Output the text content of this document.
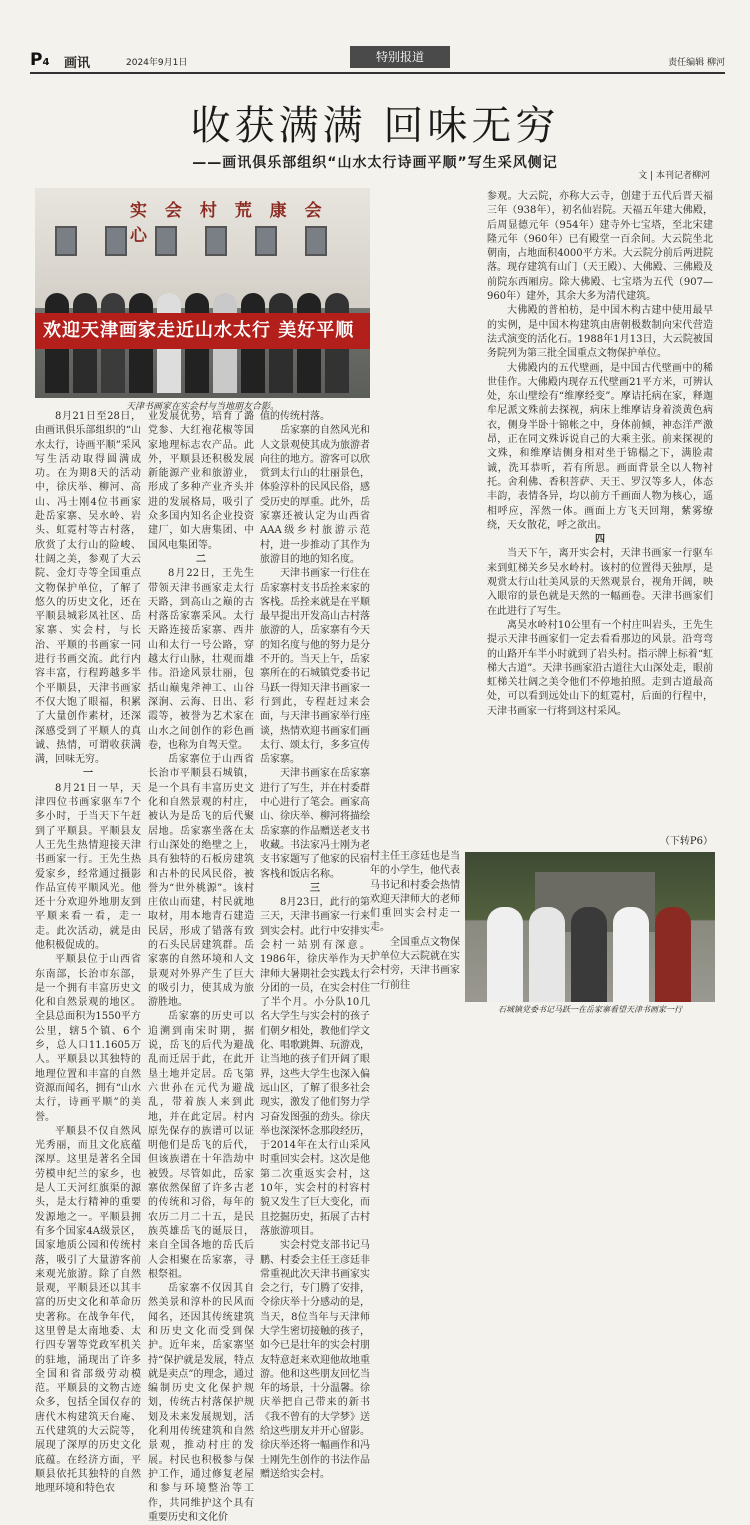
P4 画讯	2024年9月1日	特别报道	责任编辑 柳河
收获满满 回味无穷
——画讯俱乐部组织“山水太行诗画平顺”写生采风侧记
文 | 本刊记者柳河
实 会 村 荒 康 会 心
欢迎天津画家走近山水太行 美好平顺
天津书画家在实会村与当地朋友合影。

8月21日至28日，由画讯俱乐部组织的“山水太行，诗画平顺”采风写生活动取得圆满成功。在为期8天的活动中，徐庆举、柳河、高山、冯士刚4位书画家赴岳家寨、吴水岭、岩头、虹霓村等古村落，欣赏了太行山的险峻、壮阔之美，参观了大云院、金灯寺等全国重点文物保护单位，了解了悠久的历史文化，还在平顺县城彩凤社区、岳家寨、实会村，与长治、平顺的书画家一同进行书画交流。此行内容丰富，行程跨越多半个平顺县，天津书画家不仅大饱了眼福，积累了大量创作素材，还深深感受到了平顺人的真诚、热情，可谓收获满满，回味无穷。

一

8月21日一早，天津四位书画家驱车7个多小时，于当天下午赶到了平顺县。平顺县友人王先生热情迎接天津书画家一行。王先生热爱家乡，经常通过摄影作品宣传平顺风光。他还十分欢迎外地朋友到平顺来看一看，走一走。此次活动，就是由他积极促成的。

平顺县位于山西省东南部，长治市东部，是一个拥有丰富历史文化和自然景观的地区。全县总面积为1550平方公里，辖5个镇、6个乡，总人口11.1605万人。平顺县以其独特的地理位置和丰富的自然资源而闻名，拥有“山水太行，诗画平顺”的美誉。

平顺县不仅自然风光秀丽，而且文化底蕴深厚。这里是著名全国劳模申纪兰的家乡，也是人工天河红旗渠的源头，是太行精神的重要发源地之一。平顺县拥有多个国家4A级景区，国家地质公园和传统村落，吸引了大量游客前来观光旅游。除了自然景观，平顺县还以其丰富的历史文化和革命历史著称。在战争年代，这里曾是太南地委、太行四专署等党政军机关的驻地，涌现出了许多全国和省部级劳动模范。平顺县的文物古迹众多，包括全国仅存的唐代木构建筑天台庵、五代建筑的大云院等，展现了深厚的历史文化底蕴。在经济方面，平顺县依托其独特的自然地理环境和特色农

业发展优势，培育了潞党参、大红袍花椒等国家地理标志农产品。此外，平顺县还积极发展新能源产业和旅游业，形成了多种产业齐头并进的发展格局，吸引了众多国内知名企业投资建厂，如大唐集团、中国风电集团等。

二

8月22日，王先生带领天津书画家走太行天路，到高山之巅的古村落岳家寨采风。太行天路连接岳家寨、西井山和太行一号公路，穿越太行山脉，壮观而雄伟。沿途风景壮丽，包括山巅鬼斧神工、山谷深涧、云海、日出、彩霞等，被誉为艺术家在山水之间创作的彩色画卷，也称为自驾天堂。

岳家寨位于山西省长治市平顺县石城镇，是一个具有丰富历史文化和自然景观的村庄，被认为是岳飞的后代聚居地。岳家寨坐落在太行山深处的绝壁之上，具有独特的石板房建筑和古朴的民风民俗，被誉为“世外桃源”。该村庄依山而建，村民就地取材，用本地青石建造民居，形成了错落有致的石头民居建筑群。岳家寨的自然环境和人文景观对外界产生了巨大的吸引力，使其成为旅游胜地。

岳家寨的历史可以追溯到南宋时期，据说，岳飞的后代为避战乱而迁居于此，在此开垦土地并定居。岳飞第六世孙在元代为避战乱，带着族人来到此地，并在此定居。村内原先保存的族谱可以证明他们是岳飞的后代，但该族谱在十年浩劫中被毁。尽管如此，岳家寨依然保留了许多古老的传统和习俗，每年的农历二月二十五，是民族英雄岳飞的诞辰日，来自全国各地的岳氏后人会相聚在岳家寨，寻根祭祖。

岳家寨不仅因其自然美景和淳朴的民风而闻名，还因其传统建筑和历史文化而受到保护。近年来，岳家寨坚持“保护就是发展，特点就是卖点”的理念，通过编制历史文化保护规划，传统古村落保护规划及未来发展规划，活化利用传统建筑和自然景观，推动村庄的发展。村民也积极参与保护工作，通过修复老屋和参与环境整治等工作，共同维护这个具有重要历史和文化价

值的传统村落。

岳家寨的自然风光和人文景观使其成为旅游者向往的地方。游客可以欣赏到太行山的壮丽景色，体验淳朴的民风民俗，感受历史的厚重。此外，岳家寨还被认定为山西省AAA级乡村旅游示范村，进一步推动了其作为旅游目的地的知名度。

天津书画家一行住在岳家寨村支书岳拴来家的客栈。岳拴来就是在平顺最早提出开发高山古村落旅游的人，岳家寨有今天的知名度与他的努力是分不开的。当天上午，岳家寨所在的石城镇党委书记马跃一得知天津书画家一行到此，专程赶过来会面，与天津书画家举行座谈，热情欢迎书画家们画太行、颂太行，多多宣传岳家寨。

天津书画家在岳家寨进行了写生，并在村委群中心进行了笔会。画家高山、徐庆举、柳河将描绘岳家寨的作品赠送老支书收藏。书法家冯士刚为老支书家题写了他家的民宿客栈和饭店名称。

三

8月23日，此行的第三天，天津书画家一行来到实会村。此行中安排实会村一站别有深意。1986年，徐庆举作为天津师大暑期社会实践太行分团的一员，在实会村住了半个月。小分队10几名大学生与实会村的孩子们朝夕相处，教他们学文化、唱歌跳舞、玩游戏，让当地的孩子们开阔了眼界，这些大学生也深入偏远山区，了解了很多社会现实，激发了他们努力学习奋发图强的劲头。徐庆举也深深怀念那段经历，于2014年在太行山采风时重回实会村。这次是他第二次重返实会村，这10年，实会村的村容村貌又发生了巨大变化，而且挖掘历史，拓展了古村落旅游项目。

实会村党支部书记马鹏、村委会主任王彦廷非常重视此次天津书画家实会之行，专门腾了安排，令徐庆举十分感动的是，当天，8位当年与天津师大学生密切接触的孩子，如今已是壮年的实会村朋友特意赶来欢迎他故地重游。他和这些朋友回忆当年的场景，十分温馨。徐庆举把自己带来的新书《我不曾有的大学梦》送给这些朋友并开心留影。徐庆举还将一幅画作和冯士刚先生创作的书法作品赠送给实会村。

参观。大云院，亦称大云寺，创建于五代后晋天福三年（938年），初名仙岩院。天福五年建大佛殿，后周显德元年（954年）建寺外七宝塔，至北宋建隆元年（960年）已有殿堂一百余间。大云院坐北朝南，占地面积4000平方米。大云院分前后两进院落。现存建筑有山门（天王殿）、大佛殿、三佛殿及前院东西厢房。除大佛殿、七宝塔为五代（907—960年）建外，其余大多为清代建筑。

大佛殿的普柏枋，是中国木构古建中使用最早的实例，是中国木构建筑由唐朝极数制向宋代营造法式演变的活化石。1988年1月13日，大云院被国务院列为第三批全国重点文物保护单位。

大佛殿内的五代壁画，是中国古代壁画中的稀世佳作。大佛殿内现存五代壁画21平方米，可辨认处，东山壁绘有“维摩经变”。摩诘托病在家，释迦牟尼派文殊前去探视，病床上维摩诘身着淡黄色病衣，侧身半卧十锦帐之中，身体前倾，神态洋严激昂，正在同文殊诉说自己的大乘主张。前来探视的文殊，和维摩诘侧身相对坐于锦榻之下，满脸肃诚，洗耳恭听，若有所思。画面背景全以人物衬托。舍利佛、香积菩萨、天王、罗汉等多人，体态丰韵，表情各异，均以前方千画面人物为核心，遥相呼应，浑然一体。画面上方飞天回翔，紫雾缭绕，天女散花，呼之欲出。

四

当天下午，离开实会村，天津书画家一行驱车来到虹梯关乡吴水岭村。该村的位置得天独厚，是观赏太行山壮美风景的天然观景台，视角开阔，映入眼帘的景色就是天然的一幅画卷。天津书画家们在此进行了写生。

离吴水岭村10公里有一个村庄叫岩头，王先生提示天津书画家们一定去看看那边的风景。沿弯弯的山路开车半小时就到了岩头村。指示牌上标着“虹梯大古道”。天津书画家沿古道往大山深处走，眼前虹梯关壮阔之美令他们不停地拍照。走到古道最高处，可以看到远处山下的虹霓村，后面的行程中，天津书画家一行将到这村采风。

村主任王彦廷也是当年的小学生，他代表马书记和村委会热情欢迎天津师大的老师们重回实会村走一走。

全国重点文物保护单位大云院就在实会村旁，天津书画家一行前往

（下转P6）
石城镇党委书记马跃一在岳家寨看望天津书画家一行
